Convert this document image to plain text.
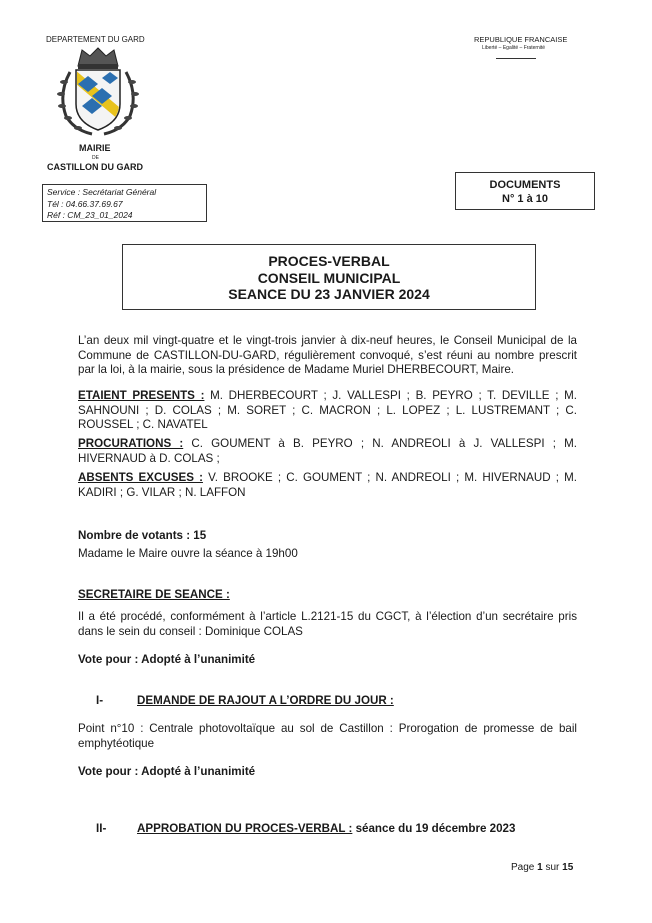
DEPARTEMENT DU GARD
MAIRIE
DE
CASTILLON DU GARD
REPUBLIQUE FRANCAISE
Liberté – Egalité – Fraternité
Service : Secrétariat Général
Tél : 04.66.37.69.67
Réf : CM_23_01_2024
DOCUMENTS
N° 1 à 10
PROCES-VERBAL
CONSEIL MUNICIPAL
SEANCE DU 23 JANVIER 2024
L’an deux mil vingt-quatre et le vingt-trois janvier à dix-neuf heures, le Conseil Municipal de la Commune de CASTILLON-DU-GARD, régulièrement convoqué, s’est réuni au nombre prescrit par la loi, à la mairie, sous la présidence de Madame Muriel DHERBECOURT, Maire.
ETAIENT PRESENTS : M. DHERBECOURT ; J. VALLESPI ; B. PEYRO ; T. DEVILLE ; M. SAHNOUNI ; D. COLAS ; M. SORET ; C. MACRON ; L. LOPEZ ; L. LUSTREMANT ; C. ROUSSEL ; C. NAVATEL
PROCURATIONS : C. GOUMENT à B. PEYRO ; N. ANDREOLI à J. VALLESPI ; M. HIVERNAUD à D. COLAS ;
ABSENTS EXCUSES : V. BROOKE ; C. GOUMENT ; N. ANDREOLI ; M. HIVERNAUD ; M. KADIRI ; G. VILAR ; N. LAFFON
Nombre de votants : 15
Madame le Maire ouvre la séance à 19h00
SECRETAIRE DE SEANCE :
Il a été procédé, conformément à l’article L.2121-15 du CGCT, à l’élection d’un secrétaire pris dans le sein du conseil : Dominique COLAS
Vote pour : Adopté à l’unanimité
I-	DEMANDE DE RAJOUT A L’ORDRE DU JOUR :
Point n°10 : Centrale photovoltaïque au sol de Castillon : Prorogation de promesse de bail emphytéotique
Vote pour : Adopté à l’unanimité
II-	APPROBATION DU PROCES-VERBAL : séance du 19 décembre 2023
Page 1 sur 15
